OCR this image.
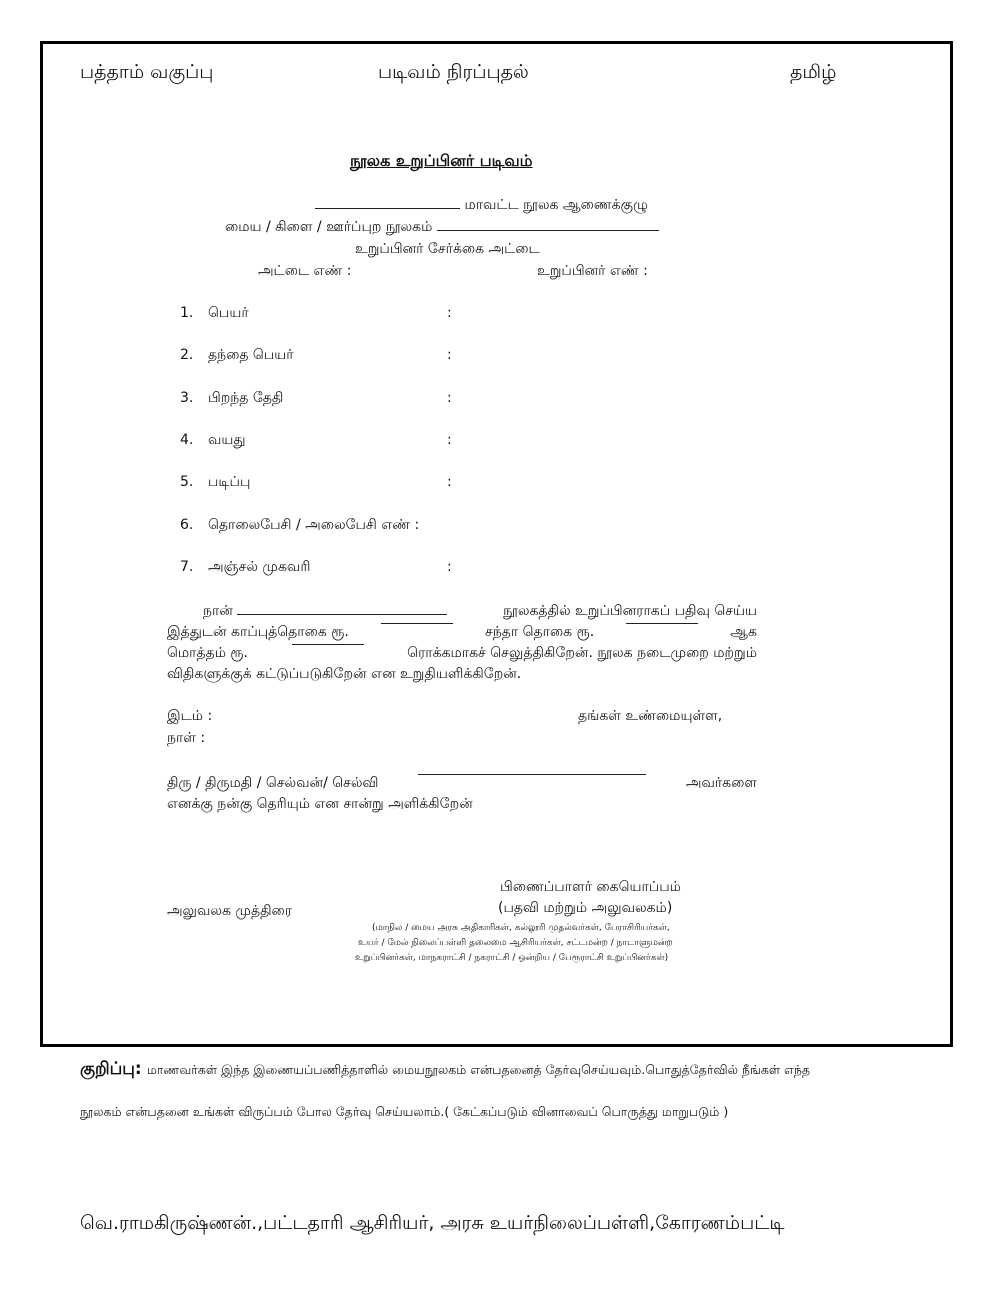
பத்தாம் வகுப்பு	படிவம் நிரப்புதல்	தமிழ்
நூலக உறுப்பினர் படிவம்
மாவட்ட நூலக ஆணைக்குழு
மைய / கிளை / ஊர்ப்புற நூலகம்
உறுப்பினர் சேர்க்கை அட்டை
அட்டை எண் :	உறுப்பினர் எண் :
1. பெயர்	:
2. தந்தை பெயர்	:
3. பிறந்த தேதி	:
4. வயது	:
5. படிப்பு	:
6. தொலைபேசி / அலைபேசி எண் :
7. அஞ்சல் முகவரி	:
நான்	நூலகத்தில் உறுப்பினராகப் பதிவு செய்ய
இத்துடன் காப்புத்தொகை ரூ.	சந்தா தொகை ரூ.	ஆக
மொத்தம் ரூ.	ரொக்கமாகச் செலுத்திகிறேன். நூலக நடைமுறை மற்றும்
விதிகளுக்குக் கட்டுப்படுகிறேன் என உறுதியளிக்கிறேன்.
இடம் :
நாள் :
தங்கள் உண்மையுள்ள,
திரு / திருமதி / செல்வன்/ செல்வி	அவர்களை
எனக்கு நன்கு தெரியும் என சான்று அளிக்கிறேன்
பிணைப்பாளர் கையொப்பம்
(பதவி மற்றும் அலுவலகம்)
அலுவலக முத்திரை
(மாநில / மைய அரசு அதிகாரிகள், கல்லூரி முதல்வர்கள், பேராசிரியர்கள்,
உயர் / மேல் நிலைப்பள்ளி தலைமை ஆசிரியர்கள், சட்டமன்ற / நாடாளுமன்ற
உறுப்பினர்கள், மாநகராட்சி / நகராட்சி / ஒன்றிய / பேரூராட்சி உறுப்பினர்கள்)
குறிப்பு: மாணவர்கள் இந்த இணையப்பணித்தாளில் மையநூலகம் என்பதனைத் தேர்வுசெய்யவும்.பொதுத்தேர்வில் நீங்கள் எந்த
நூலகம் என்பதனை உங்கள் விருப்பம் போல தேர்வு செய்யலாம்.( கேட்கப்படும் வினாவைப் பொருத்து மாறுபடும் )
வெ.ராமகிருஷ்ணன்.,பட்டதாரி ஆசிரியர், அரசு உயர்நிலைப்பள்ளி,கோரணம்பட்டி
